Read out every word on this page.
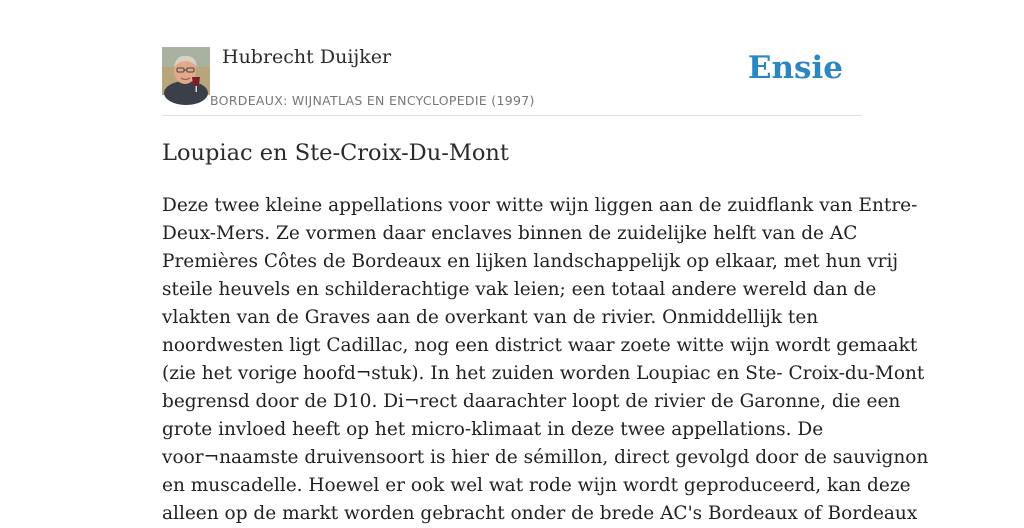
Hubrecht Duijker
BORDEAUX: WIJNATLAS EN ENCYCLOPEDIE (1997)
Ensie
Loupiac en Ste-Croix-Du-Mont
Deze twee kleine appellations voor witte wijn liggen aan de zuidflank van Entre-
Deux-Mers. Ze vormen daar enclaves binnen de zuidelijke helft van de AC
Premières Côtes de Bordeaux en lijken landschappelijk op elkaar, met hun vrij
steile heuvels en schilderachtige vak leien; een totaal andere wereld dan de
vlakten van de Graves aan de overkant van de rivier. Onmiddellijk ten
noordwesten ligt Cadillac, nog een district waar zoete witte wijn wordt gemaakt
(zie het vorige hoofd¬stuk). In het zuiden worden Loupiac en Ste- Croix-du-Mont
begrensd door de D10. Di¬rect daarachter loopt de rivier de Garonne, die een
grote invloed heeft op het micro-klimaat in deze twee appellations. De
voor¬naamste druivensoort is hier de sémillon, direct gevolgd door de sauvignon
en muscadelle. Hoewel er ook wel wat rode wijn wordt geproduceerd, kan deze
alleen op de markt worden gebracht onder de brede AC's Bordeaux of Bordeaux
